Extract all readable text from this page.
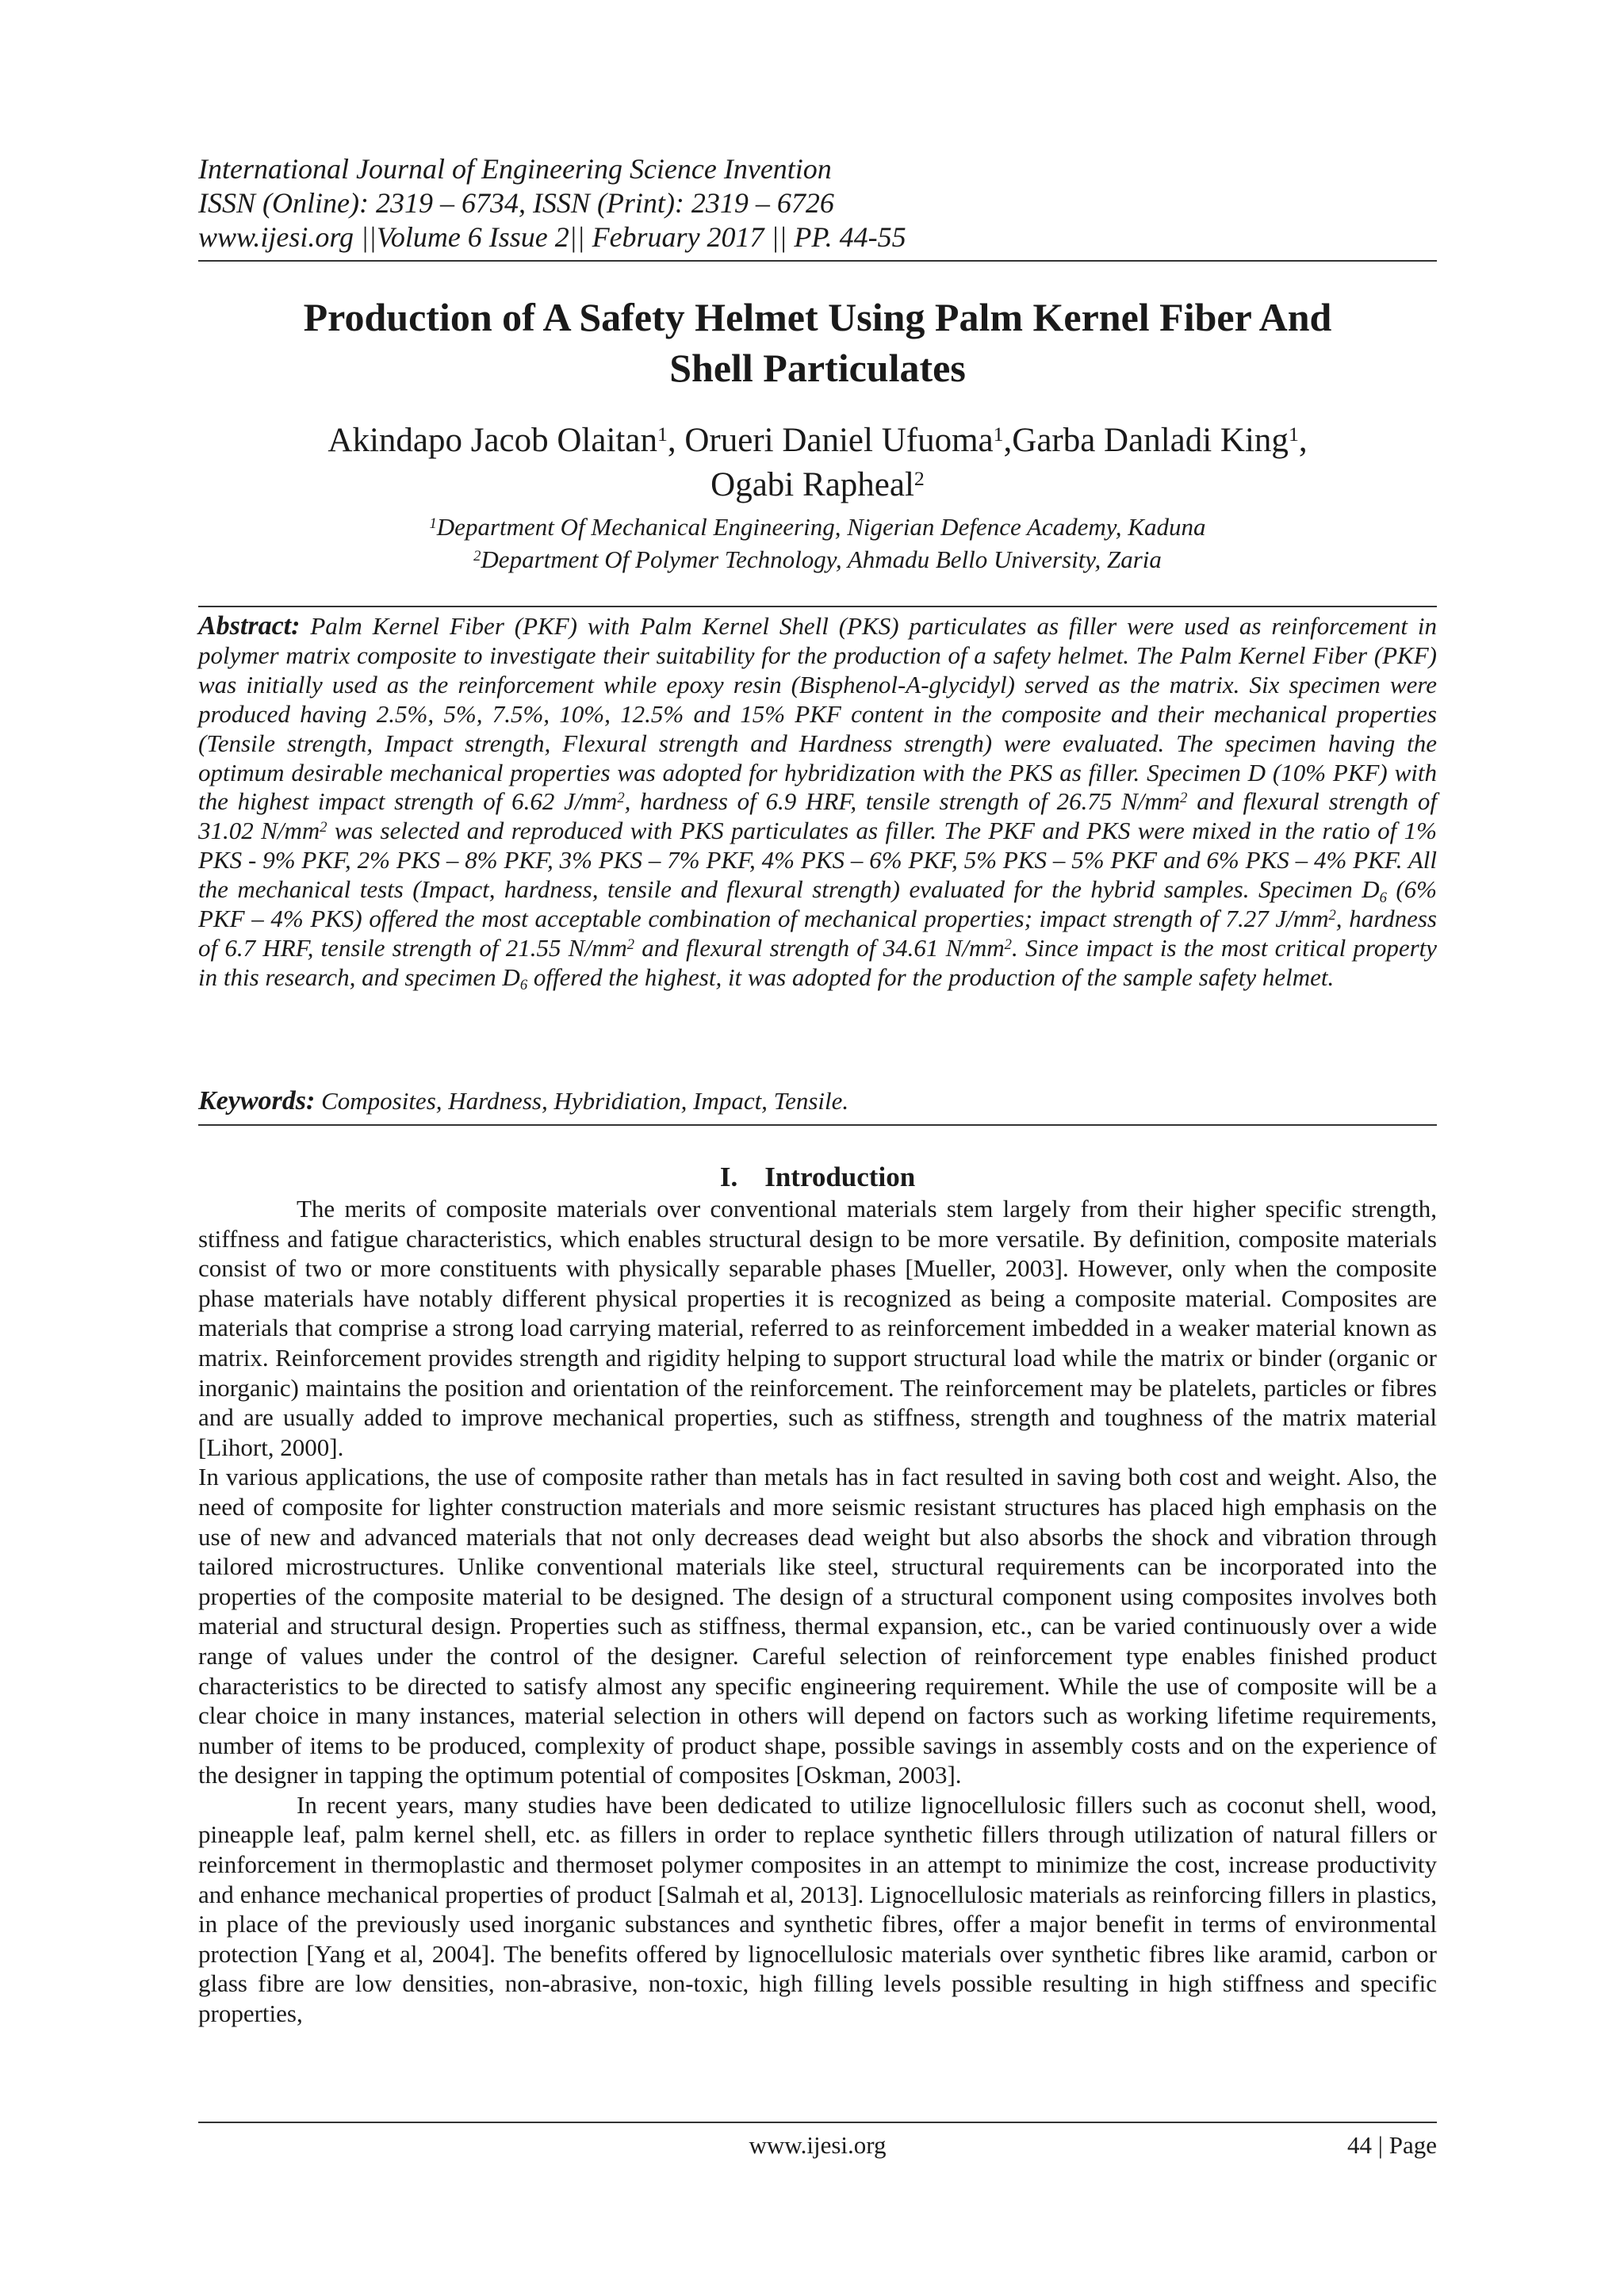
International Journal of Engineering Science Invention
ISSN (Online): 2319 – 6734, ISSN (Print): 2319 – 6726
www.ijesi.org ||Volume 6 Issue 2|| February 2017 || PP. 44-55
Production of A Safety Helmet Using Palm Kernel Fiber And
Shell Particulates
Akindapo Jacob Olaitan$^1$, Orueri Daniel Ufuoma$^1$,Garba Danladi King$^1$,
Ogabi Rapheal$^2$
$^1$Department Of Mechanical Engineering, Nigerian Defence Academy, Kaduna
$^2$Department Of Polymer Technology, Ahmadu Bello University, Zaria
Abstract: Palm Kernel Fiber (PKF) with Palm Kernel Shell (PKS) particulates as filler were used as reinforcement in polymer matrix composite to investigate their suitability for the production of a safety helmet. The Palm Kernel Fiber (PKF) was initially used as the reinforcement while epoxy resin (Bisphenol-A-glycidyl) served as the matrix. Six specimen were produced having 2.5%, 5%, 7.5%, 10%, 12.5% and 15% PKF content in the composite and their mechanical properties (Tensile strength, Impact strength, Flexural strength and Hardness strength) were evaluated. The specimen having the optimum desirable mechanical properties was adopted for hybridization with the PKS as filler. Specimen D (10% PKF) with the highest impact strength of 6.62 $J/mm^2$, hardness of 6.9 HRF, tensile strength of 26.75 $N/mm^2$ and flexural strength of 31.02 $N/mm^2$ was selected and reproduced with PKS particulates as filler. The PKF and PKS were mixed in the ratio of 1% PKS - 9% PKF, 2% PKS – 8% PKF, 3% PKS – 7% PKF, 4% PKS – 6% PKF, 5% PKS – 5% PKF and 6% PKS – 4% PKF. All the mechanical tests (Impact, hardness, tensile and flexural strength) evaluated for the hybrid samples. Specimen $D_6$ (6% PKF – 4% PKS) offered the most acceptable combination of mechanical properties; impact strength of 7.27 $J/mm^2$, hardness of 6.7 HRF, tensile strength of 21.55 $N/mm^2$ and flexural strength of 34.61 $N/mm^2$. Since impact is the most critical property in this research, and specimen $D_6$ offered the highest, it was adopted for the production of the sample safety helmet.
Keywords: Composites, Hardness, Hybridiation, Impact, Tensile.
I. Introduction

The merits of composite materials over conventional materials stem largely from their higher specific strength, stiffness and fatigue characteristics, which enables structural design to be more versatile. By definition, composite materials consist of two or more constituents with physically separable phases [Mueller, 2003]. However, only when the composite phase materials have notably different physical properties it is recognized as being a composite material. Composites are materials that comprise a strong load carrying material, referred to as reinforcement imbedded in a weaker material known as matrix. Reinforcement provides strength and rigidity helping to support structural load while the matrix or binder (organic or inorganic) maintains the position and orientation of the reinforcement. The reinforcement may be platelets, particles or fibres and are usually added to improve mechanical properties, such as stiffness, strength and toughness of the matrix material [Lihort, 2000].

In various applications, the use of composite rather than metals has in fact resulted in saving both cost and weight. Also, the need of composite for lighter construction materials and more seismic resistant structures has placed high emphasis on the use of new and advanced materials that not only decreases dead weight but also absorbs the shock and vibration through tailored microstructures. Unlike conventional materials like steel, structural requirements can be incorporated into the properties of the composite material to be designed. The design of a structural component using composites involves both material and structural design. Properties such as stiffness, thermal expansion, etc., can be varied continuously over a wide range of values under the control of the designer. Careful selection of reinforcement type enables finished product characteristics to be directed to satisfy almost any specific engineering requirement. While the use of composite will be a clear choice in many instances, material selection in others will depend on factors such as working lifetime requirements, number of items to be produced, complexity of product shape, possible savings in assembly costs and on the experience of the designer in tapping the optimum potential of composites [Oskman, 2003].

In recent years, many studies have been dedicated to utilize lignocellulosic fillers such as coconut shell, wood, pineapple leaf, palm kernel shell, etc. as fillers in order to replace synthetic fillers through utilization of natural fillers or reinforcement in thermoplastic and thermoset polymer composites in an attempt to minimize the cost, increase productivity and enhance mechanical properties of product [Salmah et al, 2013]. Lignocellulosic materials as reinforcing fillers in plastics, in place of the previously used inorganic substances and synthetic fibres, offer a major benefit in terms of environmental protection [Yang et al, 2004]. The benefits offered by lignocellulosic materials over synthetic fibres like aramid, carbon or glass fibre are low densities, non-abrasive, non-toxic, high filling levels possible resulting in high stiffness and specific properties,

www.ijesi.org	44 | Page
